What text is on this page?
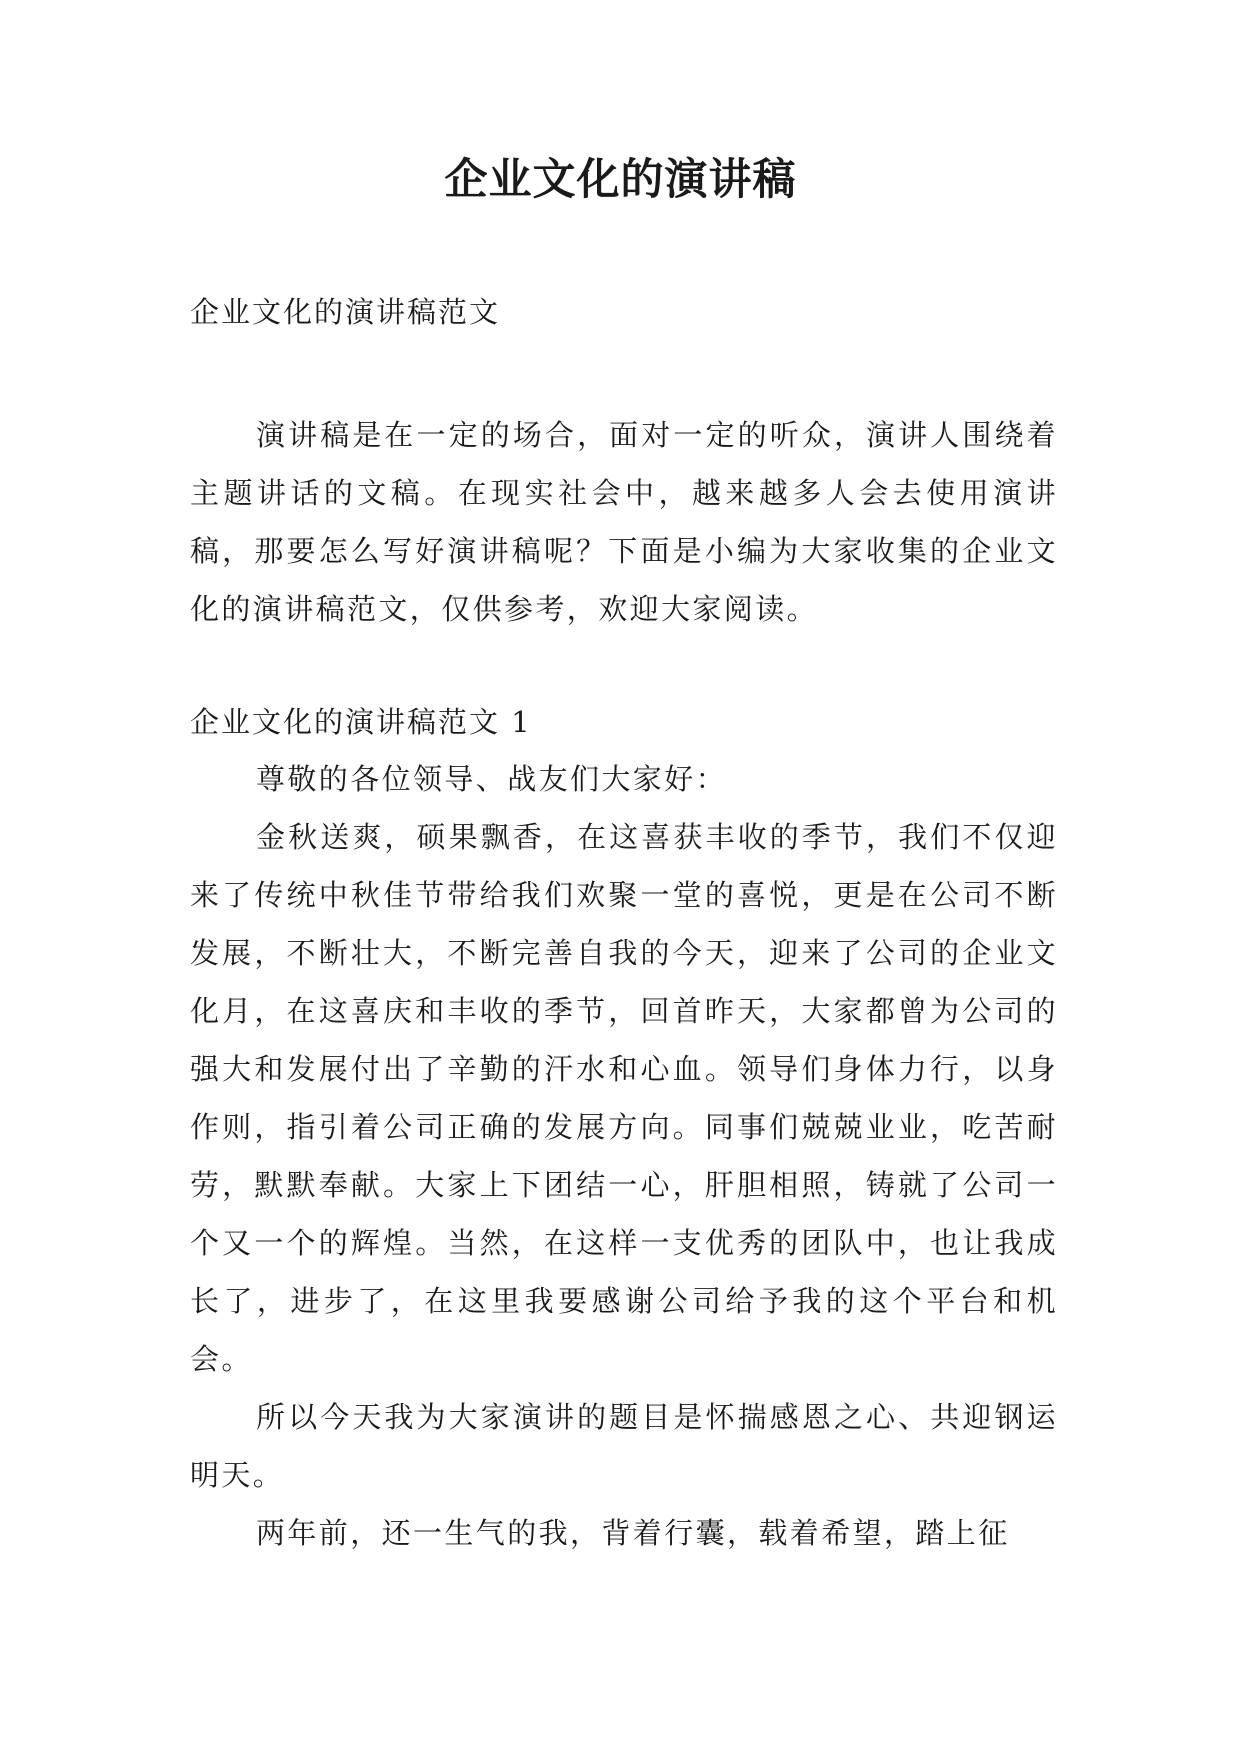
企业文化的演讲稿
企业文化的演讲稿范文

演讲稿是在一定的场合，面对一定的听众，演讲人围绕着主题讲话的文稿。在现实社会中，越来越多人会去使用演讲稿，那要怎么写好演讲稿呢？下面是小编为大家收集的企业文化的演讲稿范文，仅供参考，欢迎大家阅读。

企业文化的演讲稿范文 1

尊敬的各位领导、战友们大家好：

金秋送爽，硕果飘香，在这喜获丰收的季节，我们不仅迎来了传统中秋佳节带给我们欢聚一堂的喜悦，更是在公司不断发展，不断壮大，不断完善自我的今天，迎来了公司的企业文化月，在这喜庆和丰收的季节，回首昨天，大家都曾为公司的强大和发展付出了辛勤的汗水和心血。领导们身体力行，以身作则，指引着公司正确的发展方向。同事们兢兢业业，吃苦耐劳，默默奉献。大家上下团结一心，肝胆相照，铸就了公司一个又一个的辉煌。当然，在这样一支优秀的团队中，也让我成长了，进步了，在这里我要感谢公司给予我的这个平台和机会。

所以今天我为大家演讲的题目是怀揣感恩之心、共迎钢运明天。

两年前，还一生气的我，背着行囊，载着希望，踏上征
